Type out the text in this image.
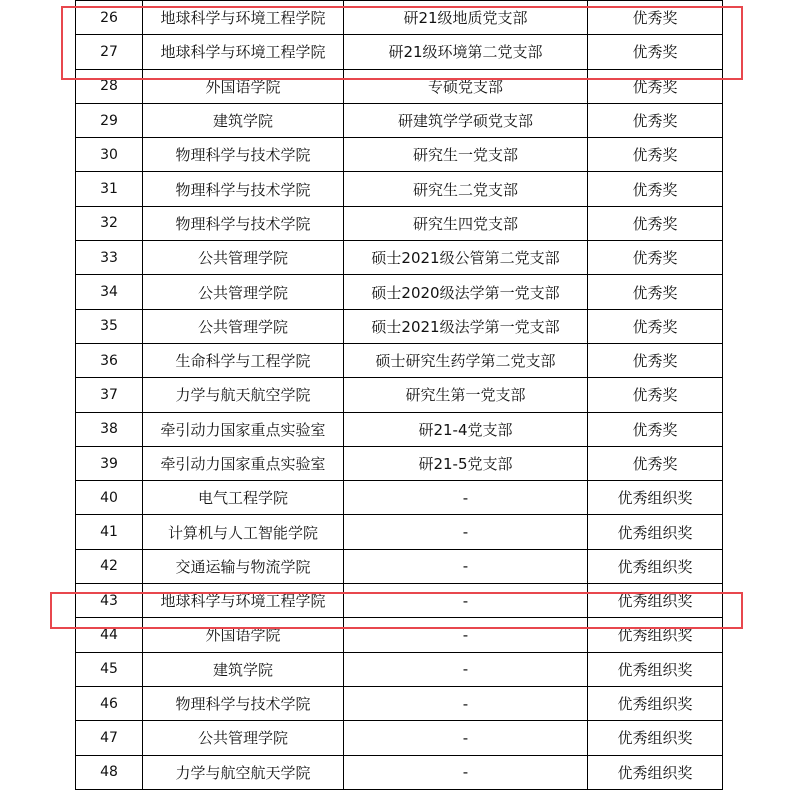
26	地球科学与环境工程学院	研21级地质党支部	优秀奖
27	地球科学与环境工程学院	研21级环境第二党支部	优秀奖
28	外国语学院	专硕党支部	优秀奖
29	建筑学院	研建筑学学硕党支部	优秀奖
30	物理科学与技术学院	研究生一党支部	优秀奖
31	物理科学与技术学院	研究生二党支部	优秀奖
32	物理科学与技术学院	研究生四党支部	优秀奖
33	公共管理学院	硕士2021级公管第二党支部	优秀奖
34	公共管理学院	硕士2020级法学第一党支部	优秀奖
35	公共管理学院	硕士2021级法学第一党支部	优秀奖
36	生命科学与工程学院	硕士研究生药学第二党支部	优秀奖
37	力学与航天航空学院	研究生第一党支部	优秀奖
38	牵引动力国家重点实验室	研21-4党支部	优秀奖
39	牵引动力国家重点实验室	研21-5党支部	优秀奖
40	电气工程学院	-	优秀组织奖
41	计算机与人工智能学院	-	优秀组织奖
42	交通运输与物流学院	-	优秀组织奖
43	地球科学与环境工程学院	-	优秀组织奖
44	外国语学院	-	优秀组织奖
45	建筑学院	-	优秀组织奖
46	物理科学与技术学院	-	优秀组织奖
47	公共管理学院	-	优秀组织奖
48	力学与航空航天学院	-	优秀组织奖
